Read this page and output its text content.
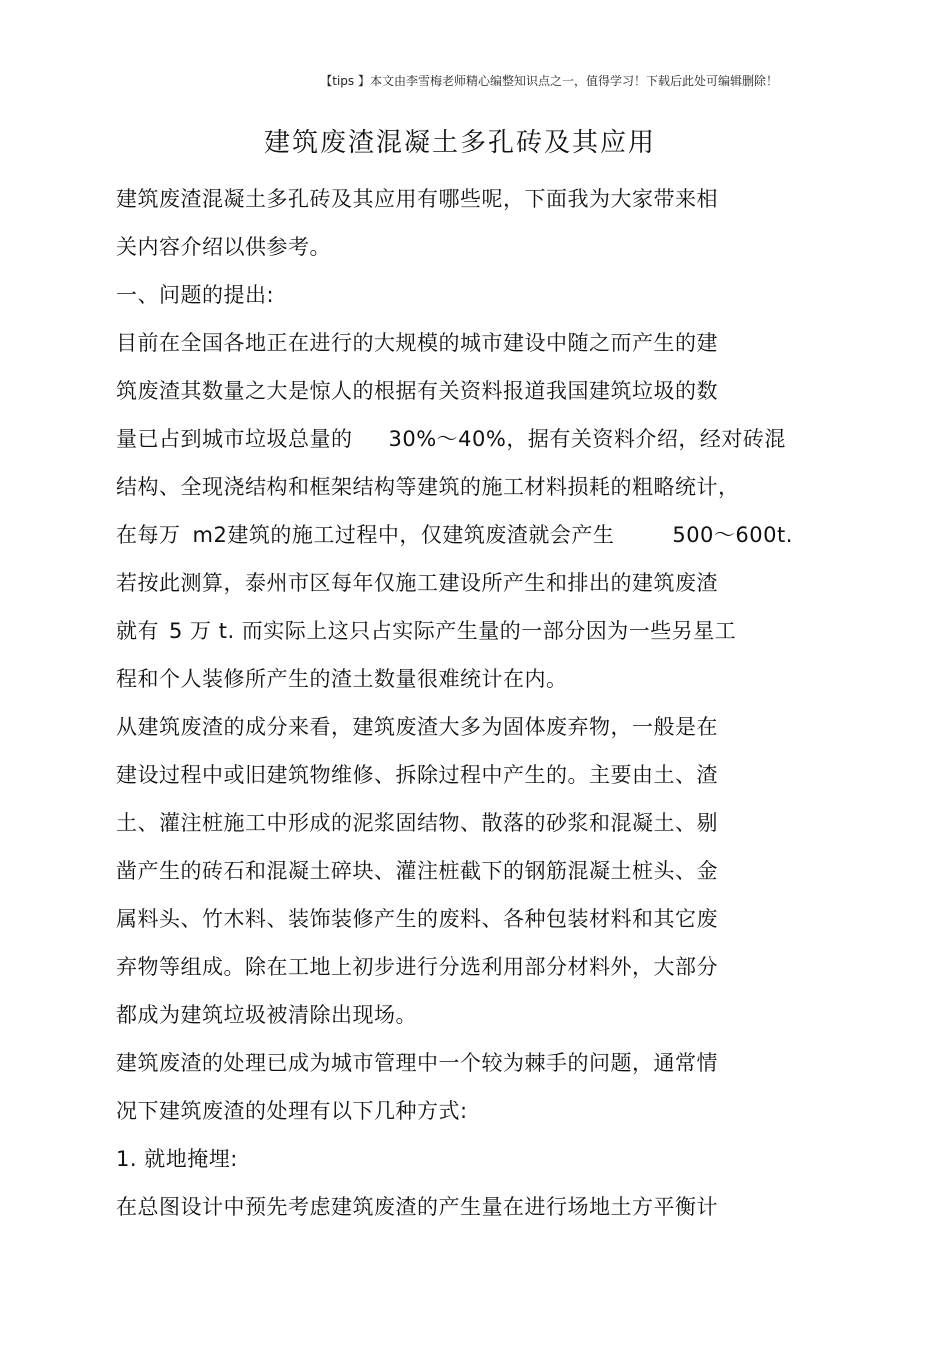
【tips 】本文由李雪梅老师精心编整知识点之一，值得学习！下载后此处可编辑删除！
建筑废渣混凝土多孔砖及其应用
建筑废渣混凝土多孔砖及其应用有哪些呢，下面我为大家带来相
关内容介绍以供参考。
一、问题的提出:
目前在全国各地正在进行的大规模的城市建设中随之而产生的建
筑废渣其数量之大是惊人的根据有关资料报道我国建筑垃圾的数
量已占到城市垃圾总量的 30%～40%，据有关资料介绍，经对砖混
结构、全现浇结构和框架结构等建筑的施工材料损耗的粗略统计，
在每万 m2建筑的施工过程中，仅建筑废渣就会产生	500～600t.
若按此测算，泰州市区每年仅施工建设所产生和排出的建筑废渣
就有 5 万 t. 而实际上这只占实际产生量的一部分因为一些另星工
程和个人装修所产生的渣土数量很难统计在内。
从建筑废渣的成分来看，建筑废渣大多为固体废弃物，一般是在
建设过程中或旧建筑物维修、拆除过程中产生的。主要由土、渣
土、灌注桩施工中形成的泥浆固结物、散落的砂浆和混凝土、剔
凿产生的砖石和混凝土碎块、灌注桩截下的钢筋混凝土桩头、金
属料头、竹木料、装饰装修产生的废料、各种包装材料和其它废
弃物等组成。除在工地上初步进行分选利用部分材料外，大部分
都成为建筑垃圾被清除出现场。
建筑废渣的处理已成为城市管理中一个较为棘手的问题，通常情
况下建筑废渣的处理有以下几种方式:
1. 就地掩埋:
在总图设计中预先考虑建筑废渣的产生量在进行场地土方平衡计
